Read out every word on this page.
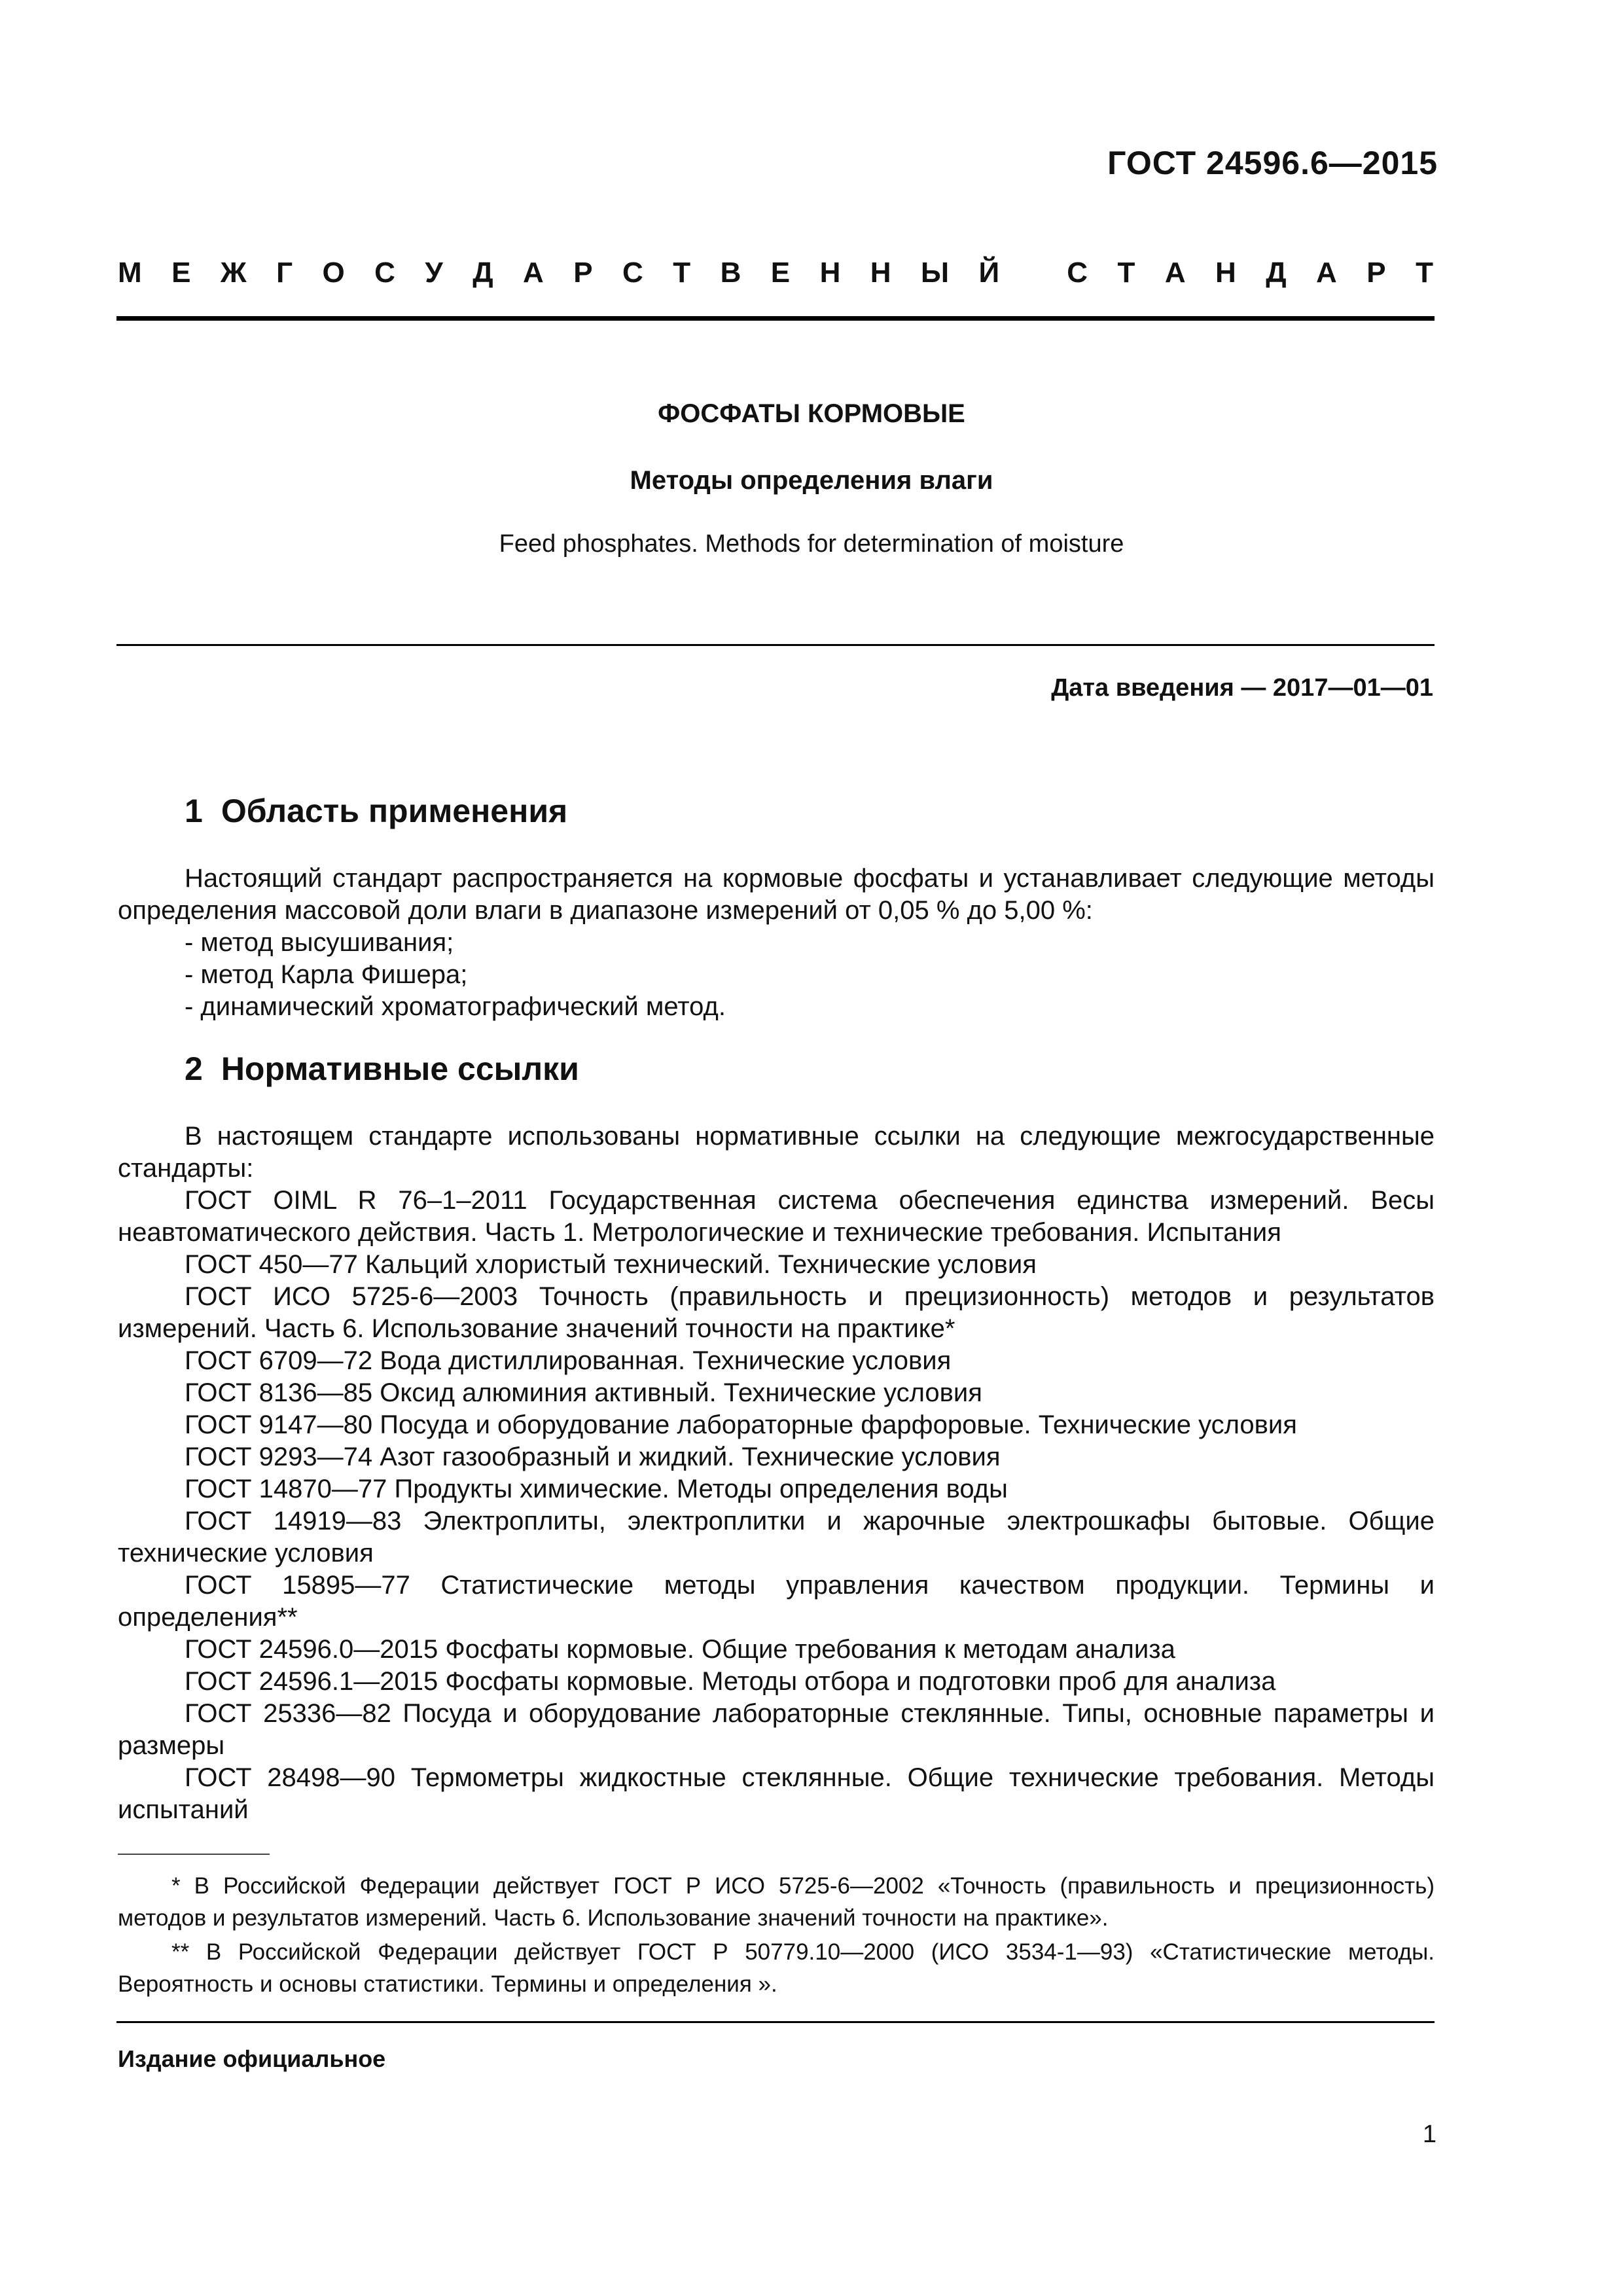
ГОСТ 24596.6—2015
М Е Ж Г О С У Д А Р С Т В Е Н Н Ы Й
С Т А Н Д А Р Т
ФОСФАТЫ КОРМОВЫЕ
Методы определения влаги
Feed phosphates. Methods for determination of moisture
Дата введения — 2017—01—01
1 Область применения

Настоящий стандарт распространяется на кормовые фосфаты и устанавливает следующие методы определения массовой доли влаги в диапазоне измерений от 0,05 % до 5,00 %:

- метод высушивания;

- метод Карла Фишера;

- динамический хроматографический метод.

2 Нормативные ссылки

В настоящем стандарте использованы нормативные ссылки на следующие межгосударственные стандарты:

ГОСТ OIML R 76–1–2011 Государственная система обеспечения единства измерений. Весы неавтоматического действия. Часть 1. Метрологические и технические требования. Испытания

ГОСТ 450—77 Кальций хлористый технический. Технические условия

ГОСТ ИСО 5725-6—2003 Точность (правильность и прецизионность) методов и результатов измерений. Часть 6. Использование значений точности на практике*

ГОСТ 6709—72 Вода дистиллированная. Технические условия

ГОСТ 8136—85 Оксид алюминия активный. Технические условия

ГОСТ 9147—80 Посуда и оборудование лабораторные фарфоровые. Технические условия

ГОСТ 9293—74 Азот газообразный и жидкий. Технические условия

ГОСТ 14870—77 Продукты химические. Методы определения воды

ГОСТ 14919—83 Электроплиты, электроплитки и жарочные электрошкафы бытовые. Общие технические условия

ГОСТ 15895—77 Статистические методы управления качеством продукции. Термины и определения**

ГОСТ 24596.0—2015 Фосфаты кормовые. Общие требования к методам анализа

ГОСТ 24596.1—2015 Фосфаты кормовые. Методы отбора и подготовки проб для анализа

ГОСТ 25336—82 Посуда и оборудование лабораторные стеклянные. Типы, основные параметры и размеры

ГОСТ 28498—90 Термометры жидкостные стеклянные. Общие технические требования. Методы испытаний

* В Российской Федерации действует ГОСТ Р ИСО 5725-6—2002 «Точность (правильность и прецизионность) методов и результатов измерений. Часть 6. Использование значений точности на практике».

** В Российской Федерации действует ГОСТ Р 50779.10—2000 (ИСО 3534-1—93) «Статистические методы. Вероятность и основы статистики. Термины и определения ».

Издание официальное
1
